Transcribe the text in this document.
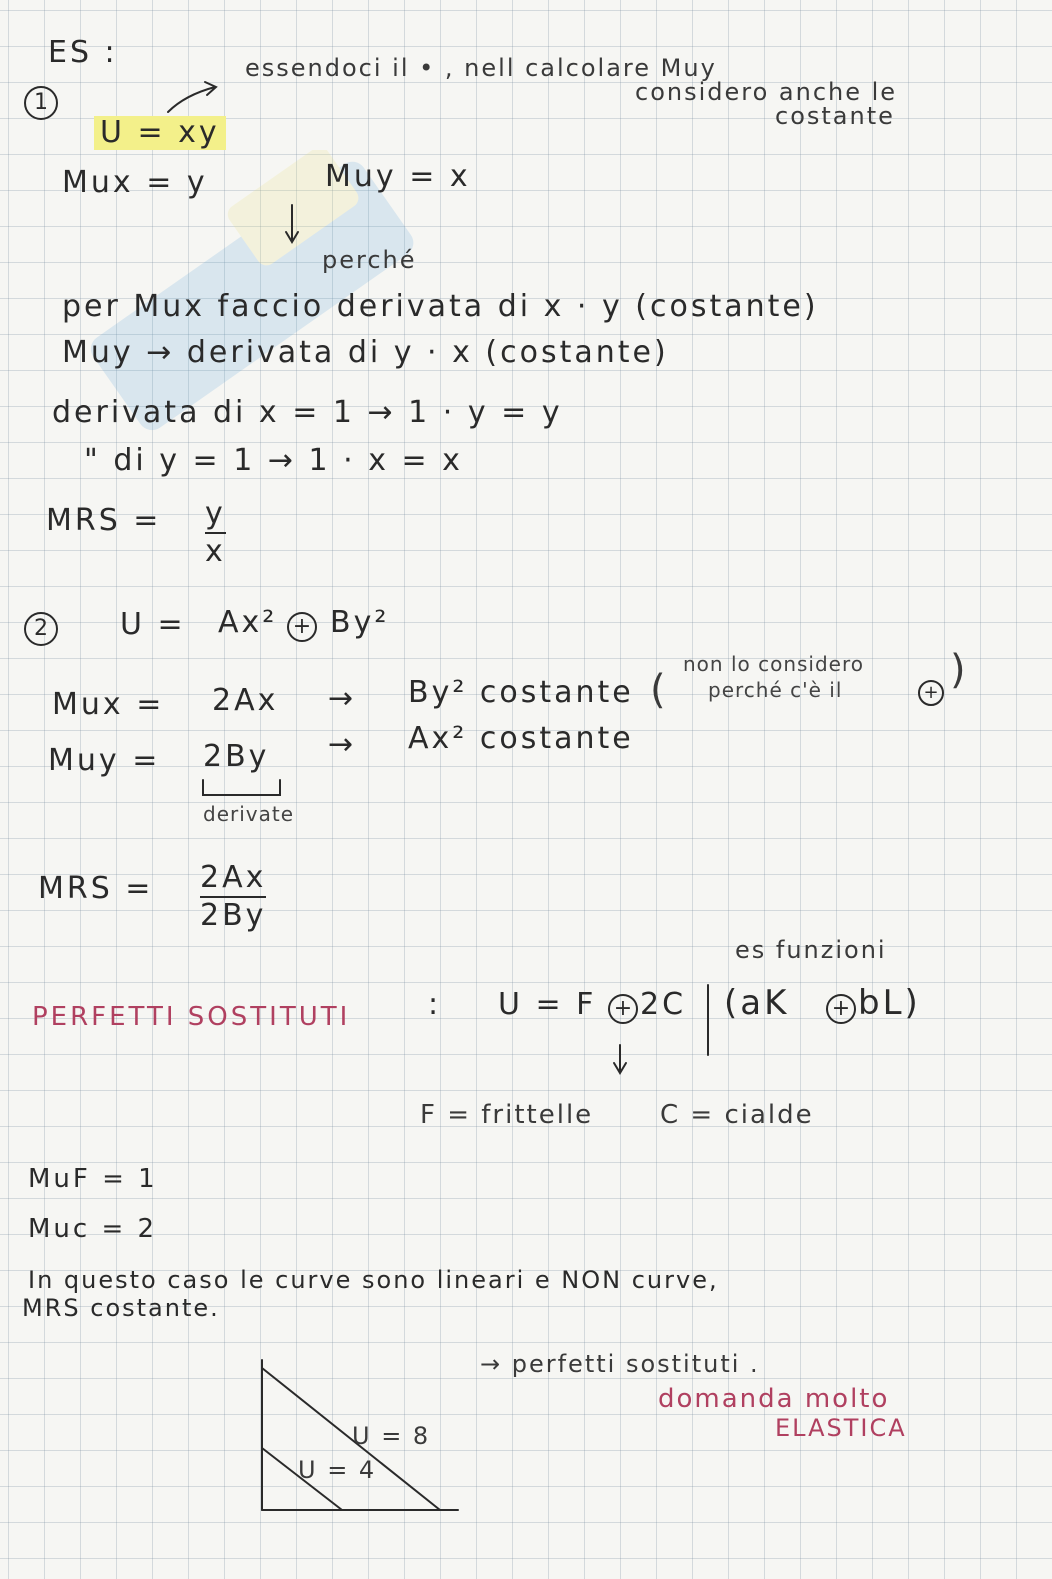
ES :
1
essendoci il • , nell calcolare Muy
considero anche le
costante
U = xy
Mux = y	Muy = x
perché
per Mux faccio derivata di x · y (costante)
Muy → derivata di y · x (costante)
derivata di x = 1 → 1 · y = y
" di y = 1 → 1 · x = x
MRS = y
x
2	U = Ax² + By²
Mux = 2Ax → By² costante (
non lo considero
perché c'è il	+ )
Muy = 2By → Ax² costante
derivate
MRS = 2Ax
2By
es funzioni
PERFETTI SOSTITUTI	: U = F + 2C (aK + bL)
F = frittelle	C = cialde
MuF = 1
Muc = 2
In questo caso le curve sono lineari e NON curve,
MRS costante.
→ perfetti sostituti .
domanda molto
ELASTICA
U = 8
U = 4
